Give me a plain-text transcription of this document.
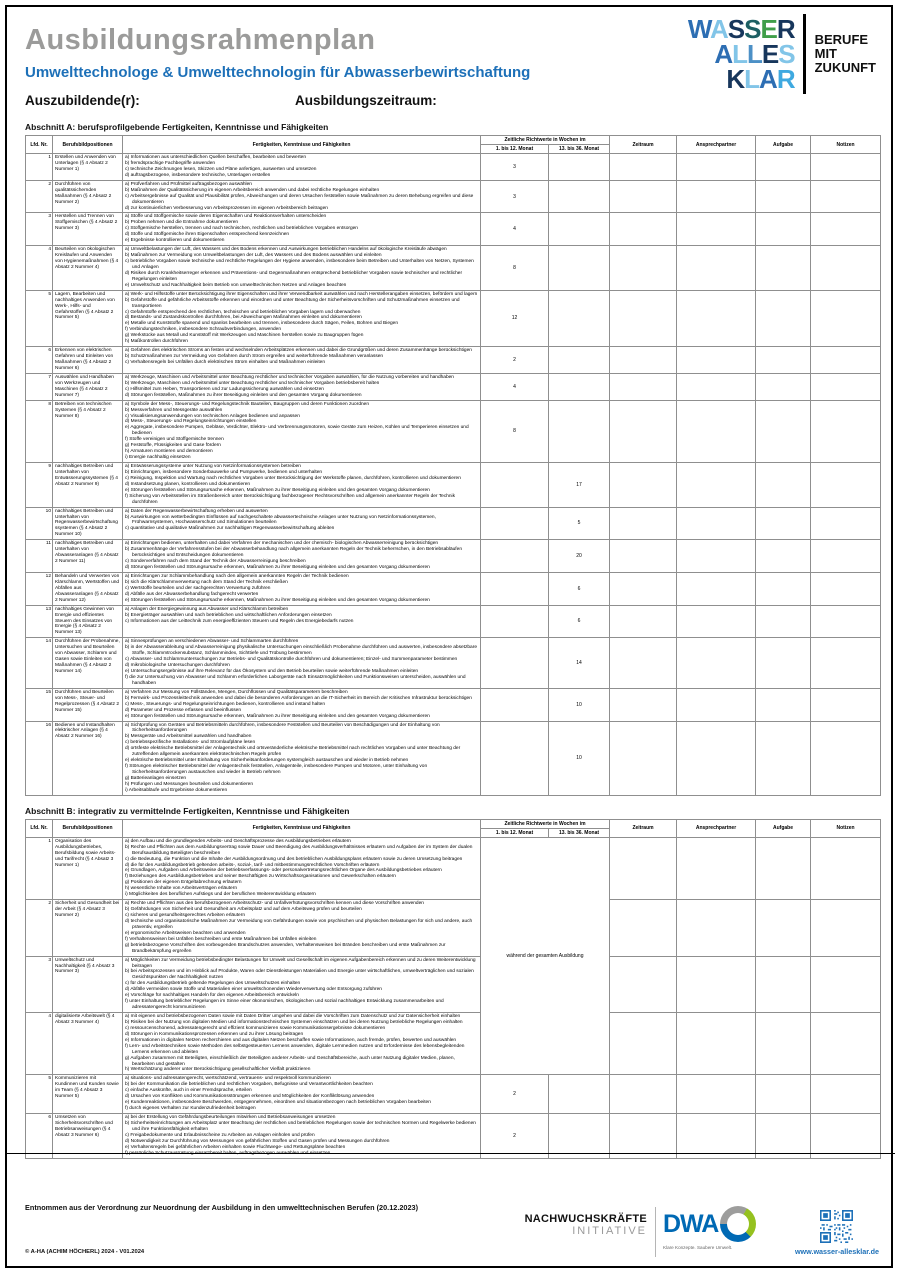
Ausbildungsrahmenplan
Umwelttechnologe & Umwelttechnologin für Abwasserbewirtschaftung
Auszubildende(r):	Ausbildungszeitraum:
WASSER
ALLES
KLAR
BERUFE
MIT
ZUKUNFT
Abschnitt A: berufsprofilgebende Fertigkeiten, Kenntnisse und Fähigkeiten
Lfd. Nr.	Berufsbildpositionen	Fertigkeiten, Kenntnisse und Fähigkeiten	Zeitliche Richtwerte in Wochen im		Zeitraum	Ansprechpartner	Aufgabe	Notizen
			1. bis 12. Monat	13. bis 36. Monat				
1	Erstellen und Anwenden von Unterlagen (§ 4 Absatz 2 Nummer 1)	a) Informationen aus unterschiedlichen Quellen beschaffen, bearbeiten und bewerten
b) fremdsprachige Fachbegriffe anwenden
c) technische Zeichnungen lesen, Skizzen und Pläne anfertigen, auswerten und umsetzen
d) auftragsbezogene, insbesondere technische, Unterlagen erstellen	3					
2	Durchführen von qualitätssichernden Maßnahmen (§ 4 Absatz 2 Nummer 2)	a) Prüfverfahren und Prüfmittel auftragsbezogen auswählen
b) Maßnahmen der Qualitätssicherung im eigenen Arbeitsbereich anwenden und dabei rechtliche Regelungen einhalten
c) Arbeitsergebnisse auf Qualität und Plausibilität prüfen, Abweichungen und deren Ursachen feststellen sowie Maßnahmen zu deren Behebung ergreifen und diese dokumentieren
d) zur kontinuierlichen Verbesserung von Arbeitsprozessen im eigenen Arbeitsbereich beitragen	3					
3	Herstellen und Trennen von Stoffgemischen (§ 4 Absatz 2 Nummer 3)	a) Stoffe und Stoffgemische sowie deren Eigenschaften und Reaktionsverhalten unterscheiden
b) Proben nehmen und die Entnahme dokumentieren
c) Stoffgemische herstellen, trennen und nach technischen, rechtlichen und betrieblichen Vorgaben entsorgen
d) Stoffe und Stoffgemische ihren Eigenschaften entsprechend kennzeichnen
e) Ergebnisse kontrollieren und dokumentieren	4					
4	Beurteilen von ökologischen Kreisläufen und Anwenden von Hygienemaßnahmen (§ 4 Absatz 2 Nummer 4)	a) Umweltbelastungen der Luft, des Wassers und des Bodens erkennen und Auswirkungen betrieblichen Handelns auf ökologische Kreisläufe abwägen
b) Maßnahmen zur Vermeidung von Umweltbelastungen der Luft, des Wassers und des Bodens auswählen und einleiten
c) betriebliche Vorgaben sowie technische und rechtliche Regelungen der Hygiene anwenden, insbesondere beim Betreiben und Unterhalten von Netzen, Systemen und Anlagen
d) Risiken durch Krankheitserreger erkennen und Präventions- und Gegenmaßnahmen entsprechend betrieblicher Vorgaben sowie technischer und rechtlicher Regelungen einleiten
e) Umweltschutz und Nachhaltigkeit beim Betrieb von umwelttechnischen Netzen und Anlagen beachten	8					
5	Lagern, Bearbeiten und nachhaltiges Anwenden von Werk-, Hilfs- und Gefahrstoffen (§ 4 Absatz 2 Nummer 5)	
a) Werk- und Hilfsstoffe unter Berücksichtigung ihrer Eigenschaften und ihrer Verwendbarkeit auswählen und nach Herstellerangaben einsetzen, befördern und lagern
b) Gefahrstoffe und gefährliche Arbeitsstoffe erkennen und einordnen und unter Beachtung der Sicherheitsvorschriften und Schutzmaßnahmen einsetzen und transportieren
c) Gefahrstoffe entsprechend den rechtlichen, technischen und betrieblichen Vorgaben lagern und überwachen
d) Bestands- und Zustandskontrollen durchführen, bei Abweichungen Maßnahmen einleiten und dokumentieren
e) Metalle und Kunststoffe spanend und spanlos bearbeiten und trennen, insbesondere durch Sägen, Feilen, Bohren und Biegen
f) Verbindungstechniken, insbesondere Schraubverbindungen, anwenden
g) Werkstücke aus Metall und Kunststoff mit Werkzeugen und Maschinen herstellen sowie zu Baugruppen fügen
h) Maßkontrollen durchführen
	12					
6	Erkennen von elektrischen Gefahren und Einleiten von Maßnahmen (§ 4 Absatz 2 Nummer 6)	a) Gefahren des elektrischen Stroms an festen und wechselnden Arbeitsplätzen erkennen und dabei die Grundgrößen und deren Zusammenhänge berücksichtigen
b) Schutzmaßnahmen zur Vermeidung von Gefahren durch Strom ergreifen und weiterführende Maßnahmen veranlassen
c) Verhaltensregeln bei Unfällen durch elektrischen Strom einhalten und Maßnahmen einleiten	2					
7	Auswählen und Handhaben von Werkzeugen und Maschinen (§ 4 Absatz 2 Nummer 7)	a) Werkzeuge, Maschinen und Arbeitsmittel unter Beachtung rechtlicher und technischer Vorgaben auswählen, für die Nutzung vorbereiten und handhaben
b) Werkzeuge, Maschinen und Arbeitsmittel unter Beachtung rechtlicher und technischer Vorgaben betriebsbereit halten
c) Hilfsmittel zum Heben, Transportieren und zur Ladungssicherung auswählen und einsetzen
d) Störungen feststellen, Maßnahmen zu ihrer Beseitigung einleiten und den gesamten Vorgang dokumentieren	4					
8	Betreiben von technischen Systemen (§ 4 Absatz 2 Nummer 8)	
a) Symbole der Mess-, Steuerungs- und Regelungstechnik Bauteilen, Baugruppen und deren Funktionen zuordnen
b) Messverfahren und Messgeräte auswählen
c) Visualisierungsanwendungen von technischen Anlagen bedienen und anpassen
d) Mess-, Steuerungs- und Regelungseinrichtungen einstellen
e) Aggregate, insbesondere Pumpen, Gebläse, Verdichter, Elektro- und Verbrennungsmotoren, sowie Geräte zum Heizen, Kühlen und Temperieren einsetzen und bedienen
f) Stoffe vereinigen und Stoffgemische trennen
g) Feststoffe, Flüssigkeiten und Gase fördern
h) Armaturen montieren und demontieren
i) Energie nachhaltig einsetzen
	8					
9	nachhaltiges Betreiben und Unterhalten von Entwässerungssystemen (§ 4 Absatz 2 Nummer 9)	
a) Entwässerungssysteme unter Nutzung von Netzinformationssystemen betreiben
b) Einrichtungen, insbesondere Sonderbauwerke und Pumpwerke, bedienen und unterhalten
c) Reinigung, Inspektion und Wartung nach rechtlichen Vorgaben unter Berücksichtigung der Werkstoffe planen, durchführen, kontrollieren und dokumentieren
d) Instandsetzung planen, kontrollieren und dokumentieren
e) Störungen feststellen und Störungsursache erkennen, Maßnahmen zu ihrer Beseitigung einleiten und den gesamten Vorgang dokumentieren
f) Sicherung von Arbeitsstellen im Straßenbereich unter Berücksichtigung fachbezogener Rechtsvorschriften und allgemein anerkannter Regeln der Technik durchführen
		17				
10	nachhaltiges Betreiben und Unterhalten von Regenwasserbewirtschaftungssystemen (§ 4 Absatz 2 Nummer 10)	a) Daten der Regenwasserbewirtschaftung erheben und auswerten
b) Auswirkungen von wetterbedingten Einflüssen auf nachgeschaltete abwassertechnische Anlagen unter Nutzung von Netzinformationssystemen, Frühwarnsystemen, Hochwasserschutz und Simulationen beurteilen
c) quantitative und qualitative Maßnahmen zur nachhaltigen Regenwasserbewirtschaftung ableiten		5				
11	nachhaltiges Betreiben und Unterhalten von Abwasseranlagen (§ 4 Absatz 2 Nummer 11)	a) Einrichtungen bedienen, unterhalten und dabei Verfahren der mechanischen und der chemisch- biologischen Abwasserreinigung berücksichtigen
b) Zusammenhänge der Verfahrensstufen bei der Abwasserbehandlung nach allgemein anerkannten Regeln der Technik beherrschen, in den Betriebsabläufen berücksichtigen und Entscheidungen dokumentieren
c) Sonderverfahren nach dem Stand der Technik der Abwasserreinigung beschreiben
d) Störungen feststellen und Störungsursache erkennen, Maßnahmen zu ihrer Beseitigung einleiten und den gesamten Vorgang dokumentieren		20				
12	Behandeln und Verwerten von Klärschlamm, Wertstoffen und Abfällen aus Abwasseranlagen (§ 4 Absatz 2 Nummer 12)	a) Einrichtungen zur Schlammbehandlung nach den allgemein anerkannten Regeln der Technik bedienen
b) sich die Klärschlammverwertung nach dem Stand der Technik erschließen
c) Wertstoffe beurteilen und der sachgerechten Verwertung zuführen
d) Abfälle aus der Abwasserbehandlung fachgerecht verwerten
e) Störungen feststellen und Störungsursache erkennen, Maßnahmen zu ihrer Beseitigung einleiten und den gesamten Vorgang dokumentieren		6				
13	nachhaltiges Gewinnen von Energie und effizientes Steuern des Einsatzes von Energie (§ 4 Absatz 2 Nummer 13)	a) Anlagen der Energiegewinnung aus Abwasser und Klärschlamm betreiben
b) Energieträger auswählen und nach betrieblichen und wirtschaftlichen Anforderungen einsetzen
c) Informationen aus der Leittechnik zum energieeffizienten Steuern und Regeln des Energiebedarfs nutzen		6				
14	Durchführen der Probenahme, Untersuchen und Beurteilen von Abwasser, Schlamm und Gasen sowie Einleiten von Maßnahmen (§ 4 Absatz 2 Nummer 14)	
a) Sinnesprüfungen an verschiedenen Abwasser- und Schlammarten durchführen
b) in der Abwasserableitung und Abwasserreinigung physikalische Untersuchungen einschließlich Probenahme durchführen und auswerten, insbesondere absetzbare Stoffe, Schlammtrockensubstanz, Schlammindex, Sichttiefe und Trübung bestimmen
c) Abwasser- und Schlammuntersuchungen zur Betriebs- und Qualitätskontrolle durchführen und dokumentieren; Einzel- und Summenparameter bestimmen
d) mikrobiologische Untersuchungen durchführen
e) Untersuchungsergebnisse auf ihre Relevanz für das Ökosystem und den Betrieb beurteilen sowie weiterführende Maßnahmen einleiten
f) die zur Untersuchung von Abwasser und Schlamm erforderlichen Laborgeräte nach Einsatzmöglichkeiten und Funktionsweisen unterscheiden, auswählen und handhaben
		14				
15	Durchführen und Beurteilen von Mess-, Steuer- und Regelprozessen (§ 4 Absatz 2 Nummer 15)	a) Verfahren zur Messung von Füllständen, Mengen, Durchflüssen und Qualitätsparametern beschreiben
b) Fernwirk- und Prozessleittechnik anwenden und dabei die besonderen Anforderungen an die IT-Sicherheit im Bereich der Kritischen Infrastruktur berücksichtigen
c) Mess-, Steuerungs- und Regelungseinrichtungen bedienen, kontrollieren und instand halten
d) Parameter und Prozesse erfassen und beeinflussen
e) Störungen feststellen und Störungsursache erkennen, Maßnahmen zu ihrer Beseitigung einleiten und den gesamten Vorgang dokumentieren		10				
16	Bedienen und Instandhalten elektrischer Anlagen (§ 4 Absatz 2 Nummer 16)	
a) Sichtprüfung von Geräten und Betriebsmitteln durchführen, insbesondere Feststellen und Beurteilen von Beschädigungen und der Einhaltung von Sicherheitsanforderungen
b) Messgeräte und Arbeitsmittel auswählen und handhaben
c) betriebsspezifische Installations- und Stromlaufpläne lesen
d) ortsfeste elektrische Betriebsmittel der Anlagentechnik und ortsveränderliche elektrische Betriebsmittel nach rechtlichen Vorgaben und unter Beachtung der zutreffenden allgemein anerkannten elektrotechnischen Regeln prüfen
e) elektrische Betriebsmittel unter Einhaltung von Sicherheitsanforderungen systemgleich austauschen und wieder in Betrieb nehmen
f) Störungen elektrischer Betriebsmittel der Anlagentechnik feststellen, Anlagenteile, insbesondere Pumpen und Motoren, unter Einhaltung von Sicherheitsanforderungen austauschen und wieder in Betrieb nehmen
g) Batterieanlagen einsetzen
h) Prüfungen und Messungen beurteilen und dokumentieren
i) Arbeitsabläufe und Ergebnisse dokumentieren
		10				
Abschnitt B: integrativ zu vermittelnde Fertigkeiten, Kenntnisse und Fähigkeiten
Lfd. Nr.	Berufsbildpositionen	Fertigkeiten, Kenntnisse und Fähigkeiten	Zeitliche Richtwerte in Wochen im		Zeitraum	Ansprechpartner	Aufgabe	Notizen
			1. bis 12. Monat	13. bis 36. Monat				
1	Organisation des Ausbildungsbetriebes, Berufsbildung sowie Arbeits- und Tarifrecht (§ 4 Absatz 3 Nummer 1)	
a) den Aufbau und die grundlegenden Arbeits- und Geschäftsprozesse des Ausbildungsbetriebes erläutern
b) Rechte und Pflichten aus dem Ausbildungsvertrag sowie Dauer und Beendigung des Ausbildungsverhältnisses erläutern und Aufgaben der im System der dualen Berufsausbildung Beteiligten beschreiben
c) die Bedeutung, die Funktion und die Inhalte der Ausbildungsordnung und des betrieblichen Ausbildungsplans erläutern sowie zu deren Umsetzung beitragen
d) die für den Ausbildungsbetrieb geltenden arbeits-, sozial-, tarif- und mitbestimmungsrechtlichen Vorschriften erläutern
e) Grundlagen, Aufgaben und Arbeitsweise der betriebsverfassungs- oder personalvertretungsrechtlichen Organe des Ausbildungsbetriebes erläutern
f) Beziehungen des Ausbildungsbetriebes und seiner Beschäftigten zu Wirtschaftsorganisationen und Gewerkschaften erläutern
g) Positionen der eigenen Entgeltabrechnung erläutern
h) wesentliche Inhalte von Arbeitsverträgen erläutern
i) Möglichkeiten des beruflichen Aufstiegs und der beruflichen Weiterentwicklung erläutern
	während der gesamten Ausbildung				
2	Sicherheit und Gesundheit bei der Arbeit (§ 4 Absatz 3 Nummer 2)	
a) Rechte und Pflichten aus den berufsbezogenen Arbeitsschutz- und Unfallverhütungsvorschriften kennen und diese Vorschriften anwenden
b) Gefährdungen von Sicherheit und Gesundheit am Arbeitsplatz und auf dem Arbeitsweg prüfen und beurteilen
c) sicheres und gesundheitsgerechtes Arbeiten erläutern
d) technische und organisatorische Maßnahmen zur Vermeidung von Gefährdungen sowie von psychischen und physischen Belastungen für sich und andere, auch präventiv, ergreifen
e) ergonomische Arbeitsweisen beachten und anwenden
f) Verhaltensweisen bei Unfällen beschreiben und erste Maßnahmen bei Unfällen einleiten
g) betriebsbezogene Vorschriften des vorbeugenden Brandschutzes anwenden, Verhaltensweisen bei Bränden beschreiben und erste Maßnahmen zur Brandbekämpfung ergreifen

3	Umweltschutz und Nachhaltigkeit (§ 4 Absatz 3 Nummer 3)	
a) Möglichkeiten zur Vermeidung betriebsbedingter Belastungen für Umwelt und Gesellschaft im eigenen Aufgabenbereich erkennen und zu deren Weiterentwicklung beitragen
b) bei Arbeitsprozessen und im Hinblick auf Produkte, Waren oder Dienstleistungen Materialien und Energie unter wirtschaftlichen, umweltverträglichen und sozialen Gesichtspunkten der Nachhaltigkeit nutzen
c) für den Ausbildungsbetrieb geltende Regelungen des Umweltschutzes einhalten
d) Abfälle vermeiden sowie Stoffe und Materialien einer umweltschonenden Wiederverwertung oder Entsorgung zuführen
e) Vorschläge für nachhaltiges Handeln für den eigenen Arbeitsbereich entwickeln
f) unter Einhaltung betrieblicher Regelungen im Sinne einer ökonomischen, ökologischen und sozial nachhaltigen Entwicklung zusammenarbeiten und adressatengerecht kommunizieren

4	digitalisierte Arbeitswelt (§ 4 Absatz 3 Nummer 4)	
a) mit eigenen und betriebsbezogenen Daten sowie mit Daten Dritter umgehen und dabei die Vorschriften zum Datenschutz und zur Datensicherheit einhalten
b) Risiken bei der Nutzung von digitalen Medien und informationstechnischen Systemen einschätzen und bei deren Nutzung betriebliche Regelungen einhalten
c) ressourcenschonend, adressatengerecht und effizient kommunizieren sowie Kommunikationsergebnisse dokumentieren
d) Störungen in Kommunikationsprozessen erkennen und zu ihrer Lösung beitragen
e) Informationen in digitalen Netzen recherchieren und aus digitalen Netzen beschaffen sowie Informationen, auch fremde, prüfen, bewerten und auswählen
f) Lern- und Arbeitstechniken sowie Methoden des selbstgesteuerten Lernens anwenden, digitale Lernmedien nutzen und Erfordernisse des lebensbegleitenden Lernens erkennen und ableiten
g) Aufgaben zusammen mit Beteiligten, einschließlich der Beteiligten anderer Arbeits- und Geschäftsbereiche, auch unter Nutzung digitaler Medien, planen, bearbeiten und gestalten
h) Wertschätzung anderer unter Berücksichtigung gesellschaftlicher Vielfalt praktizieren

5	Kommunizieren mit Kundinnen und Kunden sowie im Team (§ 4 Absatz 3 Nummer 5)	
a) situations- und adressatengerecht, wertschätzend, vertrauens- und respektvoll kommunizieren
b) bei der Kommunikation die betrieblichen und rechtlichen Vorgaben, Befugnisse und Verantwortlichkeiten beachten
c) einfache Auskünfte, auch in einer Fremdsprache, erteilen
d) Ursachen von Konflikten und Kommunikationsstörungen erkennen und Möglichkeiten der Konfliktlösung anwenden
e) Kundenreaktionen, insbesondere Beschwerden, entgegennehmen, einordnen und situationsbezogen nach betrieblichen Vorgaben bearbeiten
f) durch eigenes Verhalten zur Kundenzufriedenheit beitragen
	2					
6	Umsetzen von Sicherheitsvorschriften und Betriebsanweisungen (§ 4 Absatz 3 Nummer 6)	
a) bei der Erstellung von Gefährdungsbeurteilungen mitwirken und Betriebsanweisungen umsetzen
b) Sicherheitseinrichtungen am Arbeitsplatz unter Beachtung der rechtlichen und betrieblichen Regelungen sowie der technischen Normen und Regelwerke bedienen und ihre Funktionsfähigkeit erhalten
c) Freigabedokumente und Erlaubnisscheine zu Arbeiten an Anlagen einholen und prüfen
d) Notwendigkeit zur Durchführung von Messungen von gefährlichen Stoffen und Gasen prüfen und Messungen durchführen
e) Verhaltensregeln bei gefährlichen Arbeiten einhalten sowie Fluchtwege- und Rettungspläne beachten
f) persönliche Schutzausrüstung einsatzbereit halten, auftragsbezogen auswählen und einsetzen
	2					
Entnommen aus der Verordnung zur Neuordnung der Ausbildung in den umwelttechnischen Berufen (20.12.2023)
© A-HA (ACHIM HÖCHERL) 2024 - V01.2024
NACHWUCHSKRÄFTE
INITIATIVE DWA
Klare Konzepte. Saubere Umwelt.	www.wasser-allesklar.de
